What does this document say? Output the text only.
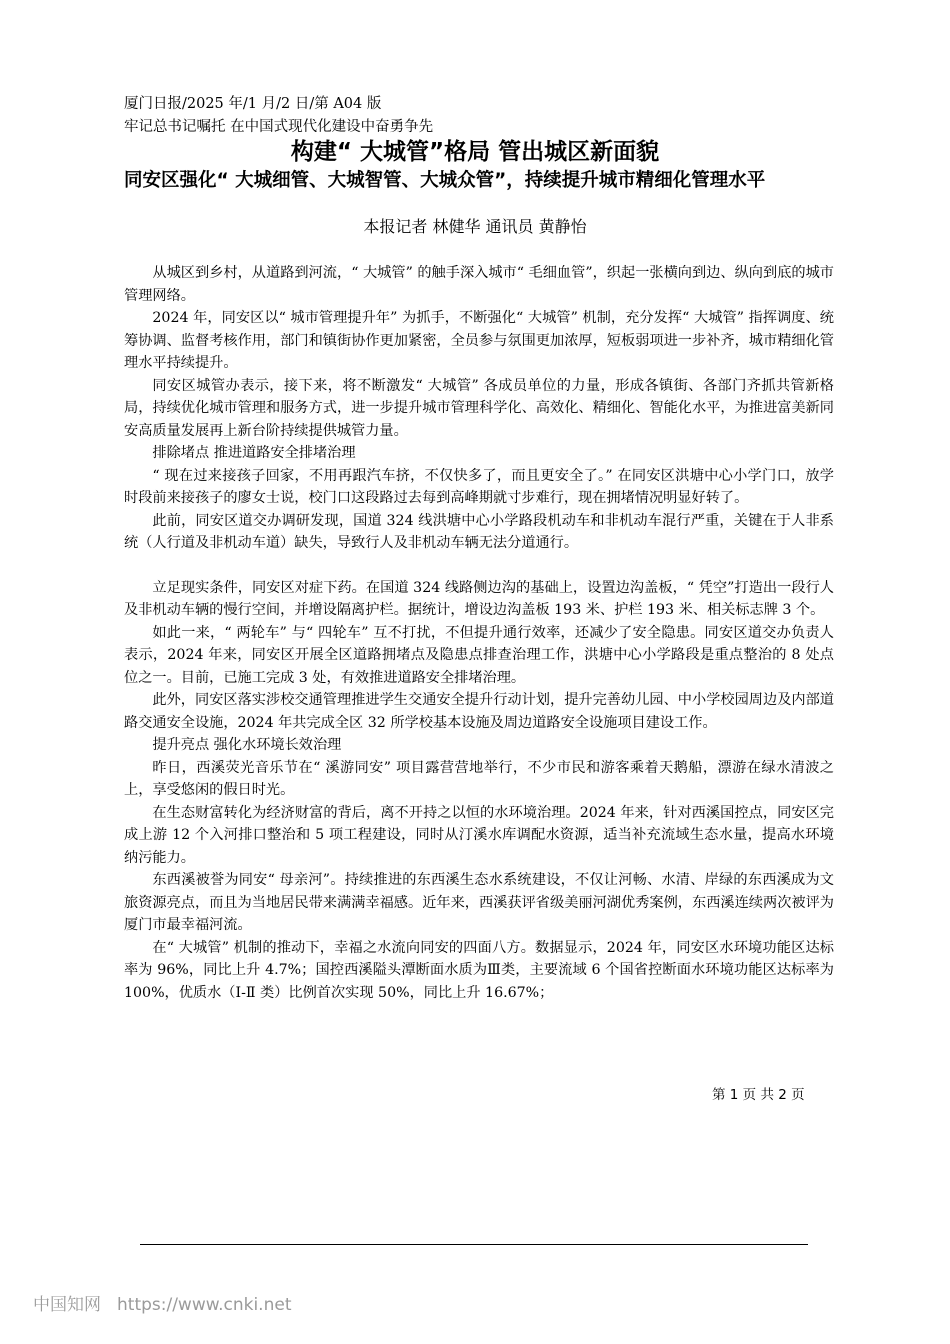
厦门日报/2025 年/1 月/2 日/第 A04 版
牢记总书记嘱托 在中国式现代化建设中奋勇争先
构建“ 大城管”格局 管出城区新面貌
同安区强化“ 大城细管、大城智管、大城众管”，持续提升城市精细化管理水平
本报记者 林健华 通讯员 黄静怡

从城区到乡村，从道路到河流，“ 大城管” 的触手深入城市“ 毛细血管”，织起一张横向到边、纵向到底的城市管理网络。

2024 年，同安区以“ 城市管理提升年” 为抓手，不断强化“ 大城管” 机制，充分发挥“ 大城管” 指挥调度、统筹协调、监督考核作用，部门和镇街协作更加紧密，全员参与氛围更加浓厚，短板弱项进一步补齐，城市精细化管理水平持续提升。

同安区城管办表示，接下来，将不断激发“ 大城管” 各成员单位的力量，形成各镇街、各部门齐抓共管新格局，持续优化城市管理和服务方式，进一步提升城市管理科学化、高效化、精细化、智能化水平，为推进富美新同安高质量发展再上新台阶持续提供城管力量。

排除堵点 推进道路安全排堵治理

“ 现在过来接孩子回家，不用再跟汽车挤，不仅快多了，而且更安全了。” 在同安区洪塘中心小学门口，放学时段前来接孩子的廖女士说，校门口这段路过去每到高峰期就寸步难行，现在拥堵情况明显好转了。

此前，同安区道交办调研发现，国道 324 线洪塘中心小学路段机动车和非机动车混行严重，关键在于人非系统（人行道及非机动车道）缺失，导致行人及非机动车辆无法分道通行。

立足现实条件，同安区对症下药。在国道 324 线路侧边沟的基础上，设置边沟盖板，“ 凭空”打造出一段行人及非机动车辆的慢行空间，并增设隔离护栏。据统计，增设边沟盖板 193 米、护栏 193 米、相关标志牌 3 个。

如此一来，“ 两轮车” 与“ 四轮车” 互不打扰，不但提升通行效率，还减少了安全隐患。同安区道交办负责人表示，2024 年来，同安区开展全区道路拥堵点及隐患点排查治理工作，洪塘中心小学路段是重点整治的 8 处点位之一。目前，已施工完成 3 处，有效推进道路安全排堵治理。

此外，同安区落实涉校交通管理推进学生交通安全提升行动计划，提升完善幼儿园、中小学校园周边及内部道路交通安全设施，2024 年共完成全区 32 所学校基本设施及周边道路安全设施项目建设工作。

提升亮点 强化水环境长效治理

昨日，西溪荧光音乐节在“ 溪游同安” 项目露营营地举行，不少市民和游客乘着天鹅船，漂游在绿水清波之上，享受悠闲的假日时光。

在生态财富转化为经济财富的背后，离不开持之以恒的水环境治理。2024 年来，针对西溪国控点，同安区完成上游 12 个入河排口整治和 5 项工程建设，同时从汀溪水库调配水资源，适当补充流域生态水量，提高水环境纳污能力。

东西溪被誉为同安“ 母亲河”。持续推进的东西溪生态水系统建设，不仅让河畅、水清、岸绿的东西溪成为文旅资源亮点，而且为当地居民带来满满幸福感。近年来，西溪获评省级美丽河湖优秀案例，东西溪连续两次被评为厦门市最幸福河流。

在“ 大城管” 机制的推动下，幸福之水流向同安的四面八方。数据显示，2024 年，同安区水环境功能区达标率为 96%，同比上升 4.7%；国控西溪隘头潭断面水质为Ⅲ类，主要流域 6 个国省控断面水环境功能区达标率为 100%，优质水（Ⅰ-Ⅱ 类）比例首次实现 50%，同比上升 16.67%；

第 1 页 共 2 页
中国知网 https://www.cnki.net
